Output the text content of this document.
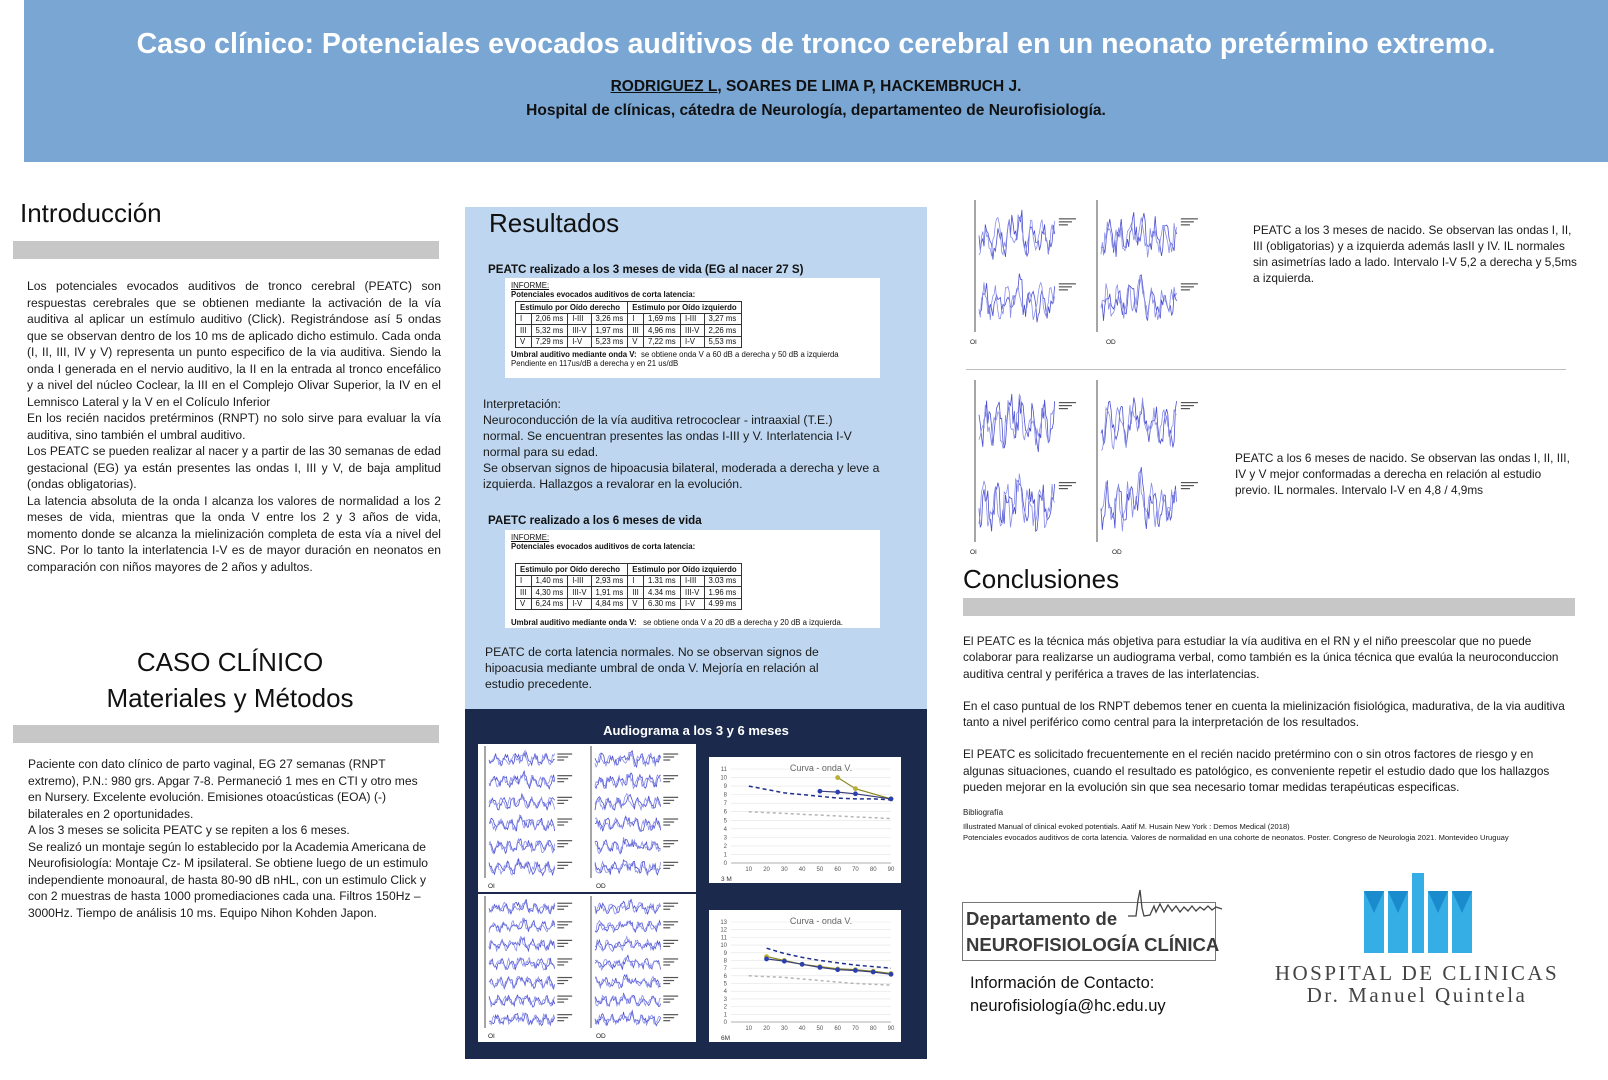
Caso clínico: Potenciales evocados auditivos de tronco cerebral en un neonato pretérmino extremo.
RODRIGUEZ L, SOARES DE LIMA P, HACKEMBRUCH J.
Hospital de clínicas, cátedra de Neurología, departamenteo de Neurofisiología.
Introducción

Los potenciales evocados auditivos de tronco cerebral (PEATC) son respuestas cerebrales que se obtienen mediante la activación de la vía auditiva al aplicar un estímulo auditivo (Click). Registrándose así 5 ondas que se observan dentro de los 10 ms de aplicado dicho estimulo. Cada onda (I, II, III, IV y V) representa un punto especifico de la via auditiva. Siendo la onda I generada en el nervio auditivo, la II en la entrada al tronco encefálico y a nivel del núcleo Coclear, la III en el Complejo Olivar Superior, la IV en el Lemnisco Lateral y la V en el Colículo Inferior

En los recién nacidos pretérminos (RNPT) no solo sirve para evaluar la vía auditiva, sino también el umbral auditivo.

Los PEATC se pueden realizar al nacer y a partir de las 30 semanas de edad gestacional (EG) ya están presentes las ondas I, III y V, de baja amplitud (ondas obligatorias).

La latencia absoluta de la onda I alcanza los valores de normalidad a los 2 meses de vida, mientras que la onda V entre los 2 y 3 años de vida, momento donde se alcanza la mielinización completa de esta vía a nivel del SNC. Por lo tanto la interlatencia I-V es de mayor duración en neonatos en comparación con niños mayores de 2 años y adultos.

CASO CLÍNICO
Materiales y Métodos

Paciente con dato clínico de parto vaginal, EG 27 semanas (RNPT extremo), P.N.: 980 grs. Apgar 7-8. Permaneció 1 mes en CTI y otro mes en Nursery. Excelente evolución. Emisiones otoacústicas (EOA) (-) bilaterales en 2 oportunidades.

A los 3 meses se solicita PEATC y se repiten a los 6 meses.

Se realizó un montaje según lo establecido por la Academia Americana de Neurofisiología: Montaje Cz- M ipsilateral. Se obtiene luego de un estimulo independiente monoaural, de hasta 80-90 dB nHL, con un estimulo Click y con 2 muestras de hasta 1000 promediaciones cada una. Filtros 150Hz – 3000Hz. Tiempo de análisis 10 ms. Equipo Nihon Kohden Japon.

Resultados
PEATC realizado a los 3 meses de vida (EG al nacer 27 S)
INFORME:
Potenciales evocados auditivos de corta latencia:
Estimulo por Oído derecho				Estimulo por Oído izquierdo			
I	2,06 ms	I-III	3,26 ms	I	1,69 ms	I-III	3,27 ms
III	5,32 ms	III-V	1,97 ms	III	4,96 ms	III-V	2,26 ms
V	7,29 ms	I-V	5,23 ms	V	7,22 ms	I-V	5,53 ms
Umbral auditivo mediante onda V: se obtiene onda V a 60 dB a derecha y 50 dB a izquierda
Pendiente en 117us/dB a derecha y en 21 us/dB

Interpretación:

Neuroconducción de la vía auditiva retrococlear - intraaxial (T.E.)

normal. Se encuentran presentes las ondas I-III y V. Interlatencia I-V

normal para su edad.

Se observan signos de hipoacusia bilateral, moderada a derecha y leve a

izquierda. Hallazgos a revalorar en la evolución.

PAETC realizado a los 6 meses de vida
INFORME:
Potenciales evocados auditivos de corta latencia:
Estimulo por Oído derecho				Estimulo por Oído izquierdo			
I	1,40 ms	I-III	2,93 ms	I	1.31 ms	I-III	3.03 ms
III	4,30 ms	III-V	1,91 ms	III	4.34 ms	III-V	1.96 ms
V	6,24 ms	I-V	4,84 ms	V	6.30 ms	I-V	4.99 ms
Umbral auditivo mediante onda V: se obtiene onda V a 20 dB a derecha y 20 dB a izquierda.

PEATC de corta latencia normales. No se observan signos de

hipoacusia mediante umbral de onda V. Mejoría en relación al

estudio precedente.

Audiograma a los 3 y 6 meses
OI	OD
0
1
2
3
4
5
6
7
8
9
10
11
10 20 30 40 50 60 70 80 90
Curva - onda V.
3 M
OI	OD
0
1
2
3
4
5
6
7
8
9
10
11
12
13
10 20 30 40 50 60 70 80 90
Curva - onda V.
6M
OI	OD
PEATC a los 3 meses de nacido. Se observan las ondas I, II, III (obligatorias) y a izquierda además lasII y IV. IL normales sin asimetrías lado a lado. Intervalo I-V 5,2 a derecha y 5,5ms a izquierda.
OI	OD
PEATC a los 6 meses de nacido. Se observan las ondas I, II, III, IV y V mejor conformadas a derecha en relación al estudio previo. IL normales. Intervalo I-V en 4,8 / 4,9ms
Conclusiones

El PEATC es la técnica más objetiva para estudiar la vía auditiva en el RN y el niño preescolar que no puede colaborar para realizarse un audiograma verbal, como también es la única técnica que evalúa la neuroconduccion auditiva central y periférica a traves de las interlatencias.

En el caso puntual de los RNPT debemos tener en cuenta la mielinización fisiológica, madurativa, de la via auditiva tanto a nivel periférico como central para la interpretación de los resultados.

El PEATC es solicitado frecuentemente en el recién nacido pretérmino con o sin otros factores de riesgo y en algunas situaciones, cuando el resultado es patológico, es conveniente repetir el estudio dado que los hallazgos pueden mejorar en la evolución sin que sea necesario tomar medidas terapéuticas especificas.

Bibliografía

Illustrated Manual of clinical evoked potentials. Aatif M. Husain New York : Demos Medical (2018)

Potenciales evocados auditivos de corta latencia. Valores de normalidad en una cohorte de neonatos. Poster. Congreso de Neurologia 2021. Montevideo Uruguay

Departamento de
NEUROFISIOLOGÍA CLÍNICA
Información de Contacto:
neurofisiología@hc.edu.uy
HOSPITAL DE CLINICAS
Dr. Manuel Quintela
